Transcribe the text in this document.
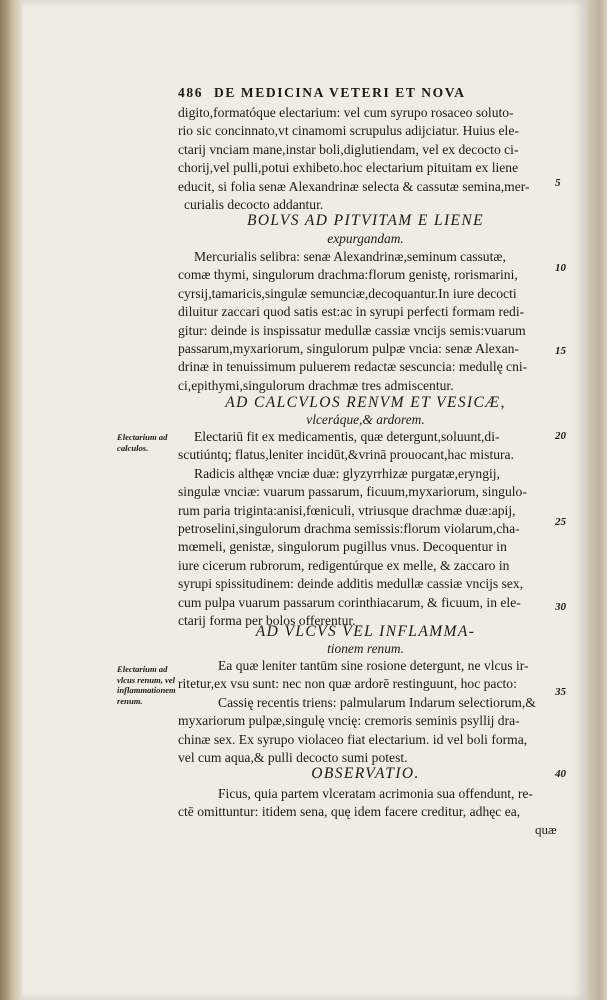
486 DE MEDICINA VETERI ET NOVA
digito,formatóque electarium: vel cum syrupo rosaceo soluto-
rio sic concinnato,vt cinamomi scrupulus adijciatur. Huius ele-
ctarij vnciam mane,instar boli,diglutiendam, vel ex decocto ci-
chorij,vel pulli,potui exhibeto.hoc electarium pituitam ex liene
educit, si folia senæ Alexandrinæ selecta & cassutæ semina,mer-
curialis decocto addantur.
BOLVS AD PITVITAM E LIENE
expurgandam.
Mercurialis selibra: senæ Alexandrinæ,seminum cassutæ,
comæ thymi, singulorum drachma:florum genistę, rorismarini,
cyrsij,tamaricis,singulæ semunciæ,decoquantur.In iure decocti
diluitur zaccari quod satis est:ac in syrupi perfecti formam redi-
gitur: deinde is inspissatur medullæ cassiæ vncijs semis:vuarum
passarum,myxariorum, singulorum pulpæ vncia: senæ Alexan-
drinæ in tenuissimum puluerem redactæ sescuncia: medullę cni-
ci,epithymi,singulorum drachmæ tres admiscentur.
AD CALCVLOS RENVM ET VESICÆ,
vlceráque,& ardorem.
Electarium ad
calculos.
Electariū fit ex medicamentis, quæ detergunt,soluunt,di-
scutiúntq; flatus,leniter incidūt,&vrinā prouocant,hac mistura.
Radicis althęæ vnciæ duæ: glyzyrrhizæ purgatæ,eryngij,
singulæ vnciæ: vuarum passarum, ficuum,myxariorum, singulo-
rum paria triginta:anisi,fœniculi, vtriusque drachmæ duæ:apij,
petroselini,singulorum drachma semissis:florum violarum,cha-
mœmeli, genistæ, singulorum pugillus vnus. Decoquentur in
iure cicerum rubrorum, redigentúrque ex melle, & zaccaro in
syrupi spissitudinem: deinde additis medullæ cassiæ vncijs sex,
cum pulpa vuarum passarum corinthiacarum, & ficuum, in ele-
ctarij forma per bolos offerentur.
AD VLCVS VEL INFLAMMA-
tionem renum.
Electarium ad
vlcus renum, vel
inflammationem
renum.
Ea quæ leniter tantūm sine rosione detergunt, ne vlcus ir-
ritetur,ex vsu sunt: nec non quæ ardorē restinguunt, hoc pacto:
Cassię recentis triens: palmularum Indarum selectiorum,&
myxariorum pulpæ,singulę vncię: cremoris seminis psyllij dra-
chinæ sex. Ex syrupo violaceo fiat electarium. id vel boli forma,
vel cum aqua,& pulli decocto sumi potest.
OBSERVATIO.
Ficus, quia partem vlceratam acrimonia sua offendunt, re-
ctē omittuntur: itidem sena, quę idem facere creditur, adhęc ea,
quæ
5
10
15
20
25
30
35
40
